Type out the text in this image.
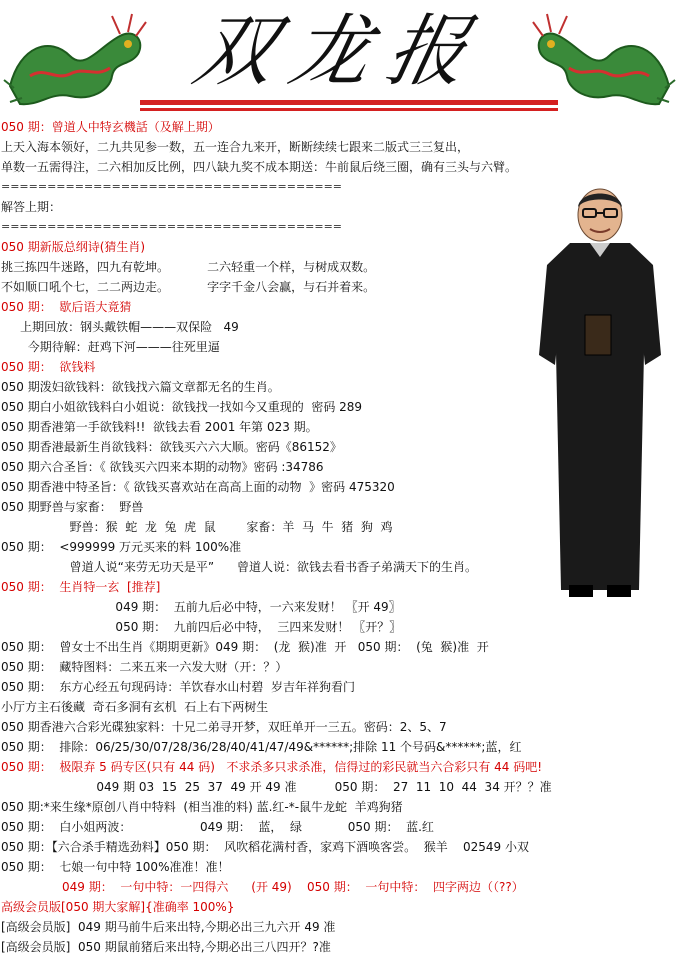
双龙报
050 期：曾道人中特玄機話（及解上期）
上天入海本领好，二九共见参一数，五一连合九来开，断断续续七跟来二版式三三复出，
单数一五需得注，二六相加反比例，四八缺九奖不成本期送：牛前鼠后绕三圈，确有三头与六臂。
=====================================
解答上期：
=====================================
050 期新版总纲诗(猜生肖)
挑三拣四牛迷路，四九有乾坤。          二六轻重一个样，与树成双数。
不如顺口吼个七，二二两边走。          字字千金八会赢，与石并着来。
050 期：  歇后语大竟猜
上期回放：钢头戴铁帽———双保险   49
今期待解：赶鸡下河———往死里逼
050 期：  欲钱料
050 期泼妇欲钱料：欲钱找六篇文章都无名的生肖。
050 期白小姐欲钱料白小姐说：欲钱找一找如今又重现的  密码 289
050 期香港第一手欲钱料!!  欲钱去看 2001 年第 023 期。
050 期香港最新生肖欲钱料：欲钱买六六大顺。密码《86152》
050 期六合圣旨：《 欲钱买六四来本期的动物》密码 :34786
050 期香港中特圣旨：《 欲钱买喜欢站在高高上面的动物  》密码 475320
050 期野兽与家畜：  野兽
野兽：猴  蛇  龙  兔  虎  鼠        家畜：羊  马  牛  猪  狗  鸡
050 期：  <999999 万元买来的料 100%准
曾道人说“来劳无功天是平”      曾道人说：欲钱去看书香子弟满天下的生肖。
050 期：  生肖特一玄  [推荐]
049 期：  五前九后必中特，一六来发财！ 〖开 49〗
050 期：  九前四后必中特，  三四来发财！ 〖开？〗
050 期：  曾女士不出生肖《期期更新》049 期：  (龙  猴)准  开   050 期：  (兔  猴)准  开
050 期：  藏特图料：二来五来一六发大财（开：？）
050 期：  东方心经五句现码诗：羊饮春水山村碧  岁吉年祥狗看门
小厅方主石後藏  奇石多洞有玄机  石上右下两树生
050 期香港六合彩光碟独家料：十兄二弟寻开梦，双旺单开一三五。密码：2、5、7
050 期：  排除：06/25/30/07/28/36/28/40/41/47/49&******;排除 11 个号码&******;蓝，红
050 期：  极限弃 5 码专区(只有 44 码)   不求杀多只求杀准，信得过的彩民就当六合彩只有 44 码吧!
049 期 03  15  25  37  49 开 49 准          050 期：  27  11  10  44  34 开？？准
050 期:*来生缘*原创八肖中特料  (相当准的料) 蓝.红-*-鼠牛龙蛇  羊鸡狗猪
050 期：  白小姐两波：                  049 期：  蓝，  绿            050 期：  蓝.红
050 期：【六合杀手精选劲料】050 期：  风吹稻花满村香，家鸡下酒唤客尝。  猴羊    02549 小双
050 期：  七娘一句中特 100%准准！准！
049 期：  一句中特：一四得六      (开 49)    050 期：  一句中特：  四字两边（（??）
高级会员版[050 期大家解]{准确率 100%}
[高级会员版]  049 期马前牛后来出特,今期必出三九六开 49 准
[高级会员版]  050 期鼠前猪后来出特,今期必出三八四开？?准
